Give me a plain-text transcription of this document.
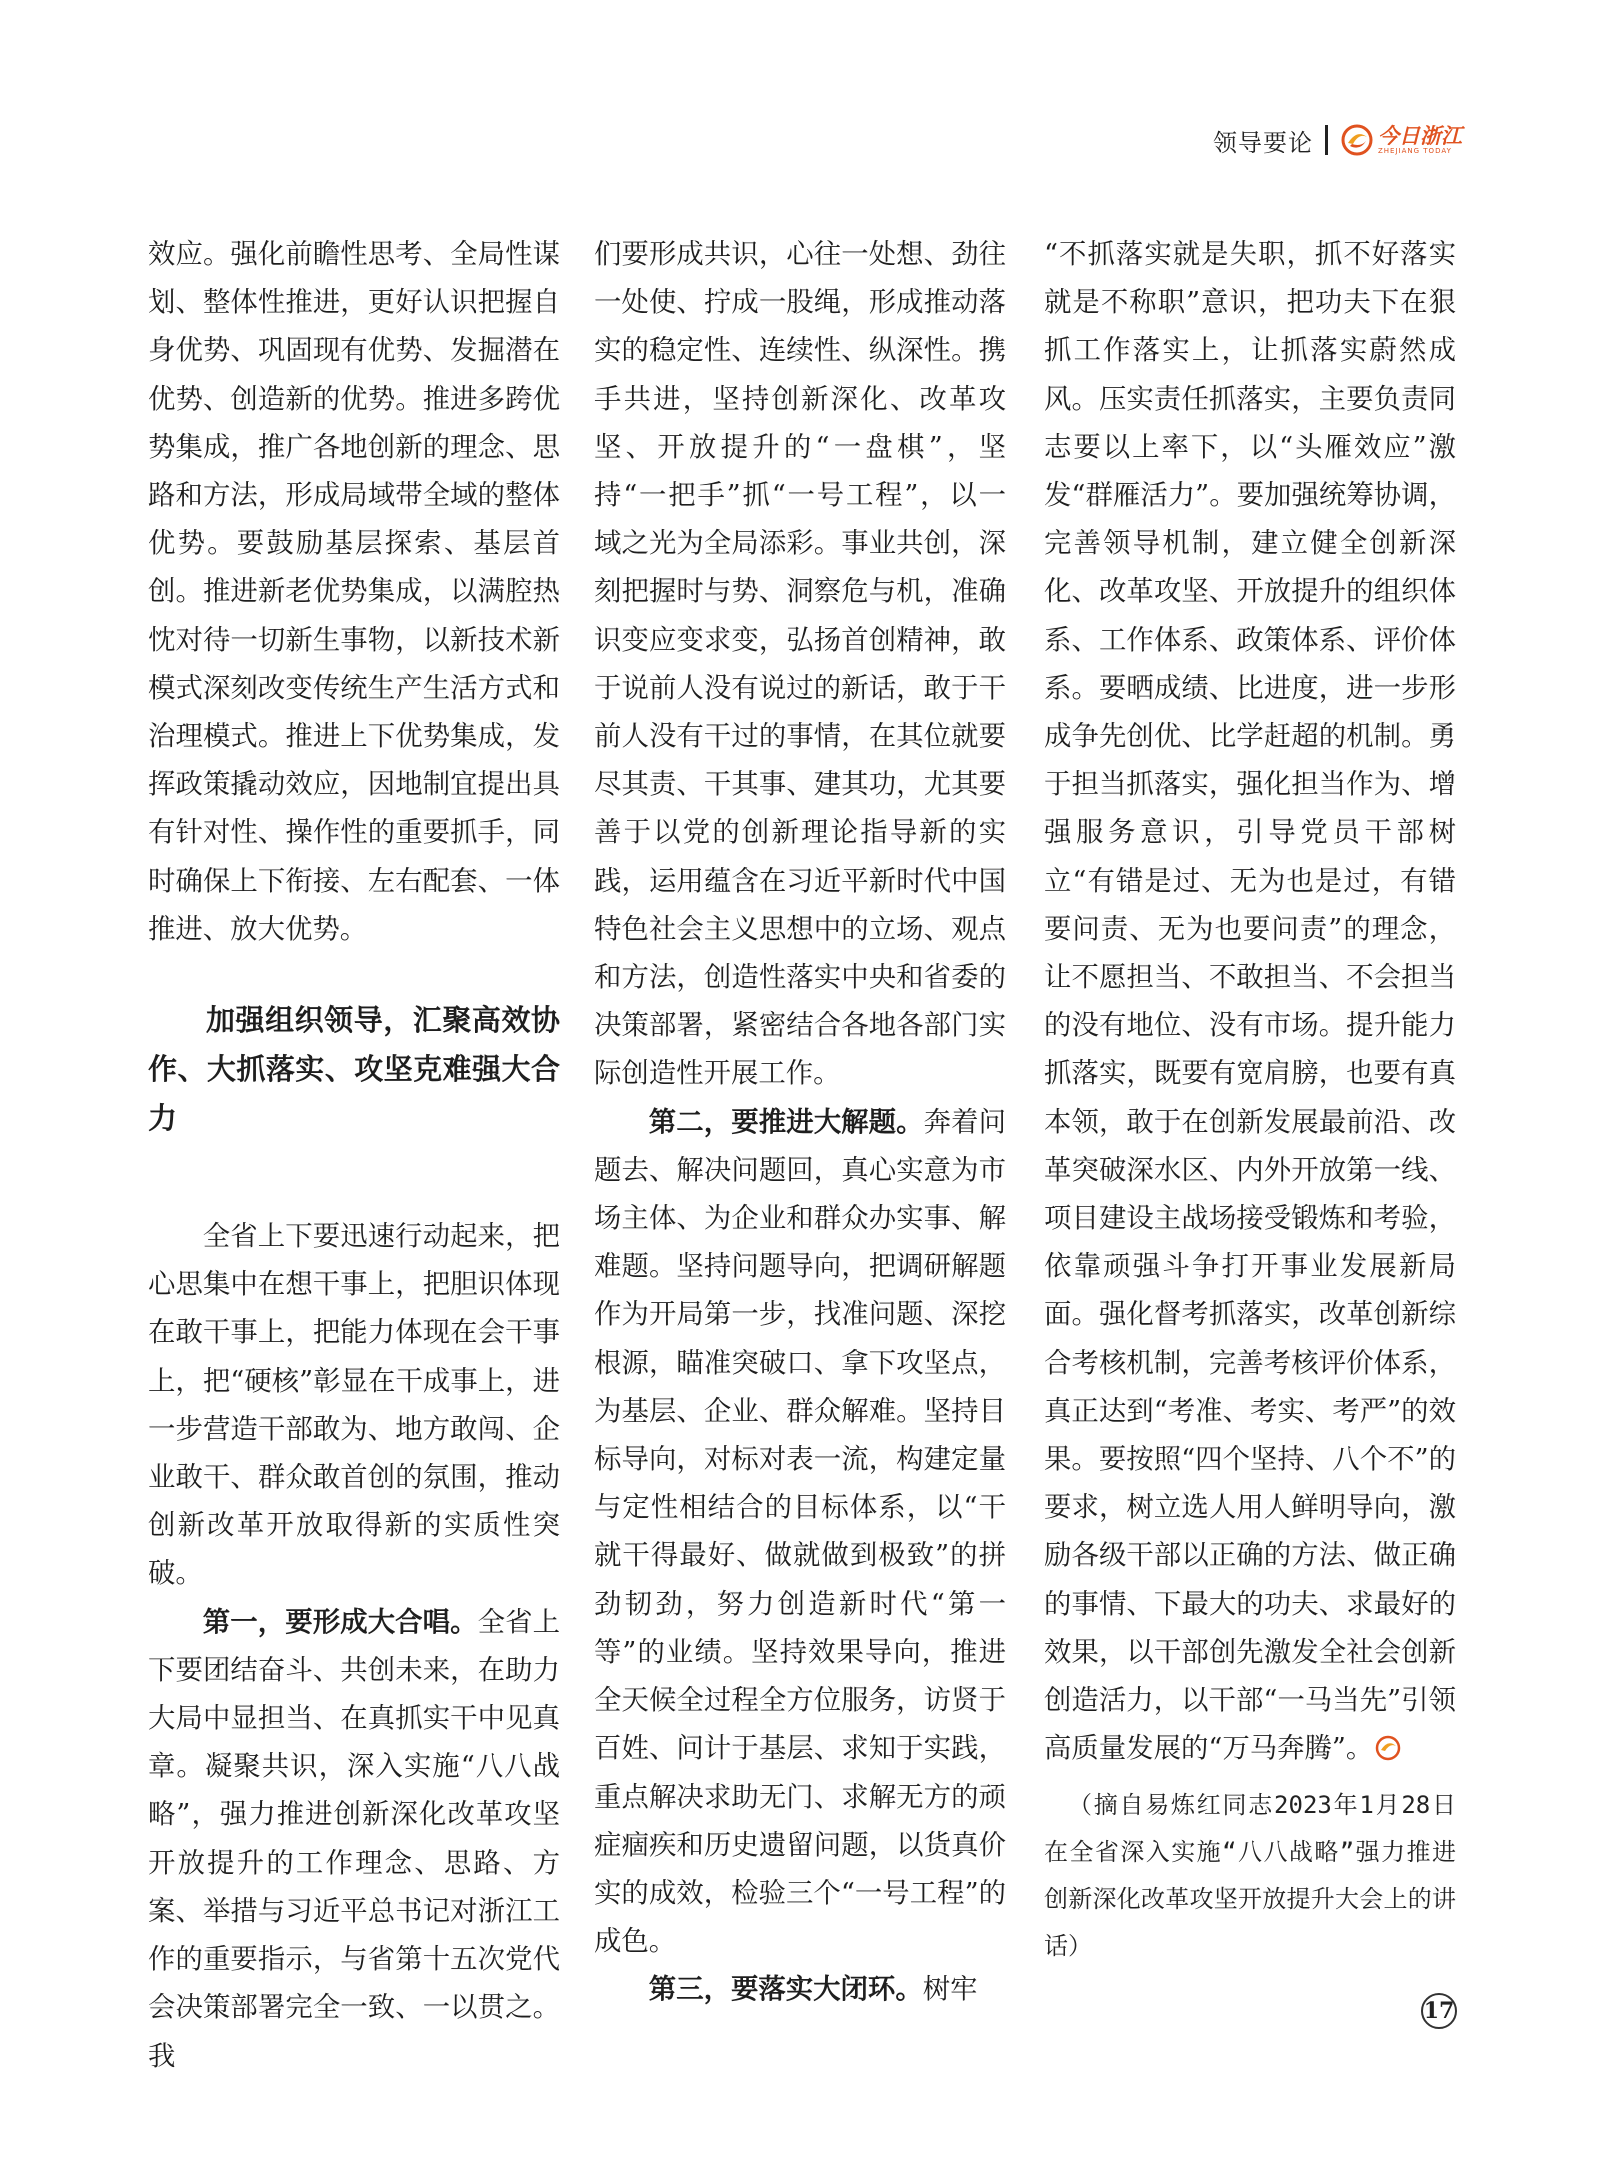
领导要论	今日浙江
ZHEJIANG TODAY

效应。强化前瞻性思考、全局性谋划、整体性推进，更好认识把握自身优势、巩固现有优势、发掘潜在优势、创造新的优势。推进多跨优势集成，推广各地创新的理念、思路和方法，形成局域带全域的整体优势。要鼓励基层探索、基层首创。推进新老优势集成，以满腔热忱对待一切新生事物，以新技术新模式深刻改变传统生产生活方式和治理模式。推进上下优势集成，发挥政策撬动效应，因地制宜提出具有针对性、操作性的重要抓手，同时确保上下衔接、左右配套、一体推进、放大优势。

加强组织领导，汇聚高效协作、大抓落实、攻坚克难强大合力

全省上下要迅速行动起来，把心思集中在想干事上，把胆识体现在敢干事上，把能力体现在会干事上，把“硬核”彰显在干成事上，进一步营造干部敢为、地方敢闯、企业敢干、群众敢首创的氛围，推动创新改革开放取得新的实质性突破。

第一，要形成大合唱。全省上下要团结奋斗、共创未来，在助力大局中显担当、在真抓实干中见真章。凝聚共识，深入实施“八八战略”，强力推进创新深化改革攻坚开放提升的工作理念、思路、方案、举措与习近平总书记对浙江工作的重要指示，与省第十五次党代会决策部署完全一致、一以贯之。我

们要形成共识，心往一处想、劲往一处使、拧成一股绳，形成推动落实的稳定性、连续性、纵深性。携手共进，坚持创新深化、改革攻坚、开放提升的“一盘棋”，坚持“一把手”抓“一号工程”，以一域之光为全局添彩。事业共创，深刻把握时与势、洞察危与机，准确识变应变求变，弘扬首创精神，敢于说前人没有说过的新话，敢于干前人没有干过的事情，在其位就要尽其责、干其事、建其功，尤其要善于以党的创新理论指导新的实践，运用蕴含在习近平新时代中国特色社会主义思想中的立场、观点和方法，创造性落实中央和省委的决策部署，紧密结合各地各部门实际创造性开展工作。

第二，要推进大解题。奔着问题去、解决问题回，真心实意为市场主体、为企业和群众办实事、解难题。坚持问题导向，把调研解题作为开局第一步，找准问题、深挖根源，瞄准突破口、拿下攻坚点，为基层、企业、群众解难。坚持目标导向，对标对表一流，构建定量与定性相结合的目标体系，以“干就干得最好、做就做到极致”的拼劲韧劲，努力创造新时代“第一等”的业绩。坚持效果导向，推进全天候全过程全方位服务，访贤于百姓、问计于基层、求知于实践，重点解决求助无门、求解无方的顽症痼疾和历史遗留问题，以货真价实的成效，检验三个“一号工程”的成色。

第三，要落实大闭环。树牢

“不抓落实就是失职，抓不好落实就是不称职”意识，把功夫下在狠抓工作落实上，让抓落实蔚然成风。压实责任抓落实，主要负责同志要以上率下，以“头雁效应”激发“群雁活力”。要加强统筹协调，完善领导机制，建立健全创新深化、改革攻坚、开放提升的组织体系、工作体系、政策体系、评价体系。要晒成绩、比进度，进一步形成争先创优、比学赶超的机制。勇于担当抓落实，强化担当作为、增强服务意识，引导党员干部树立“有错是过、无为也是过，有错要问责、无为也要问责”的理念，让不愿担当、不敢担当、不会担当的没有地位、没有市场。提升能力抓落实，既要有宽肩膀，也要有真本领，敢于在创新发展最前沿、改革突破深水区、内外开放第一线、项目建设主战场接受锻炼和考验，依靠顽强斗争打开事业发展新局面。强化督考抓落实，改革创新综合考核机制，完善考核评价体系，真正达到“考准、考实、考严”的效果。要按照“四个坚持、八个不”的要求，树立选人用人鲜明导向，激励各级干部以正确的方法、做正确的事情、下最大的功夫、求最好的效果，以干部创先激发全社会创新创造活力，以干部“一马当先”引领高质量发展的“万马奔腾”。

（摘自易炼红同志2023年1月28日在全省深入实施“八八战略”强力推进创新深化改革攻坚开放提升大会上的讲话）

17
